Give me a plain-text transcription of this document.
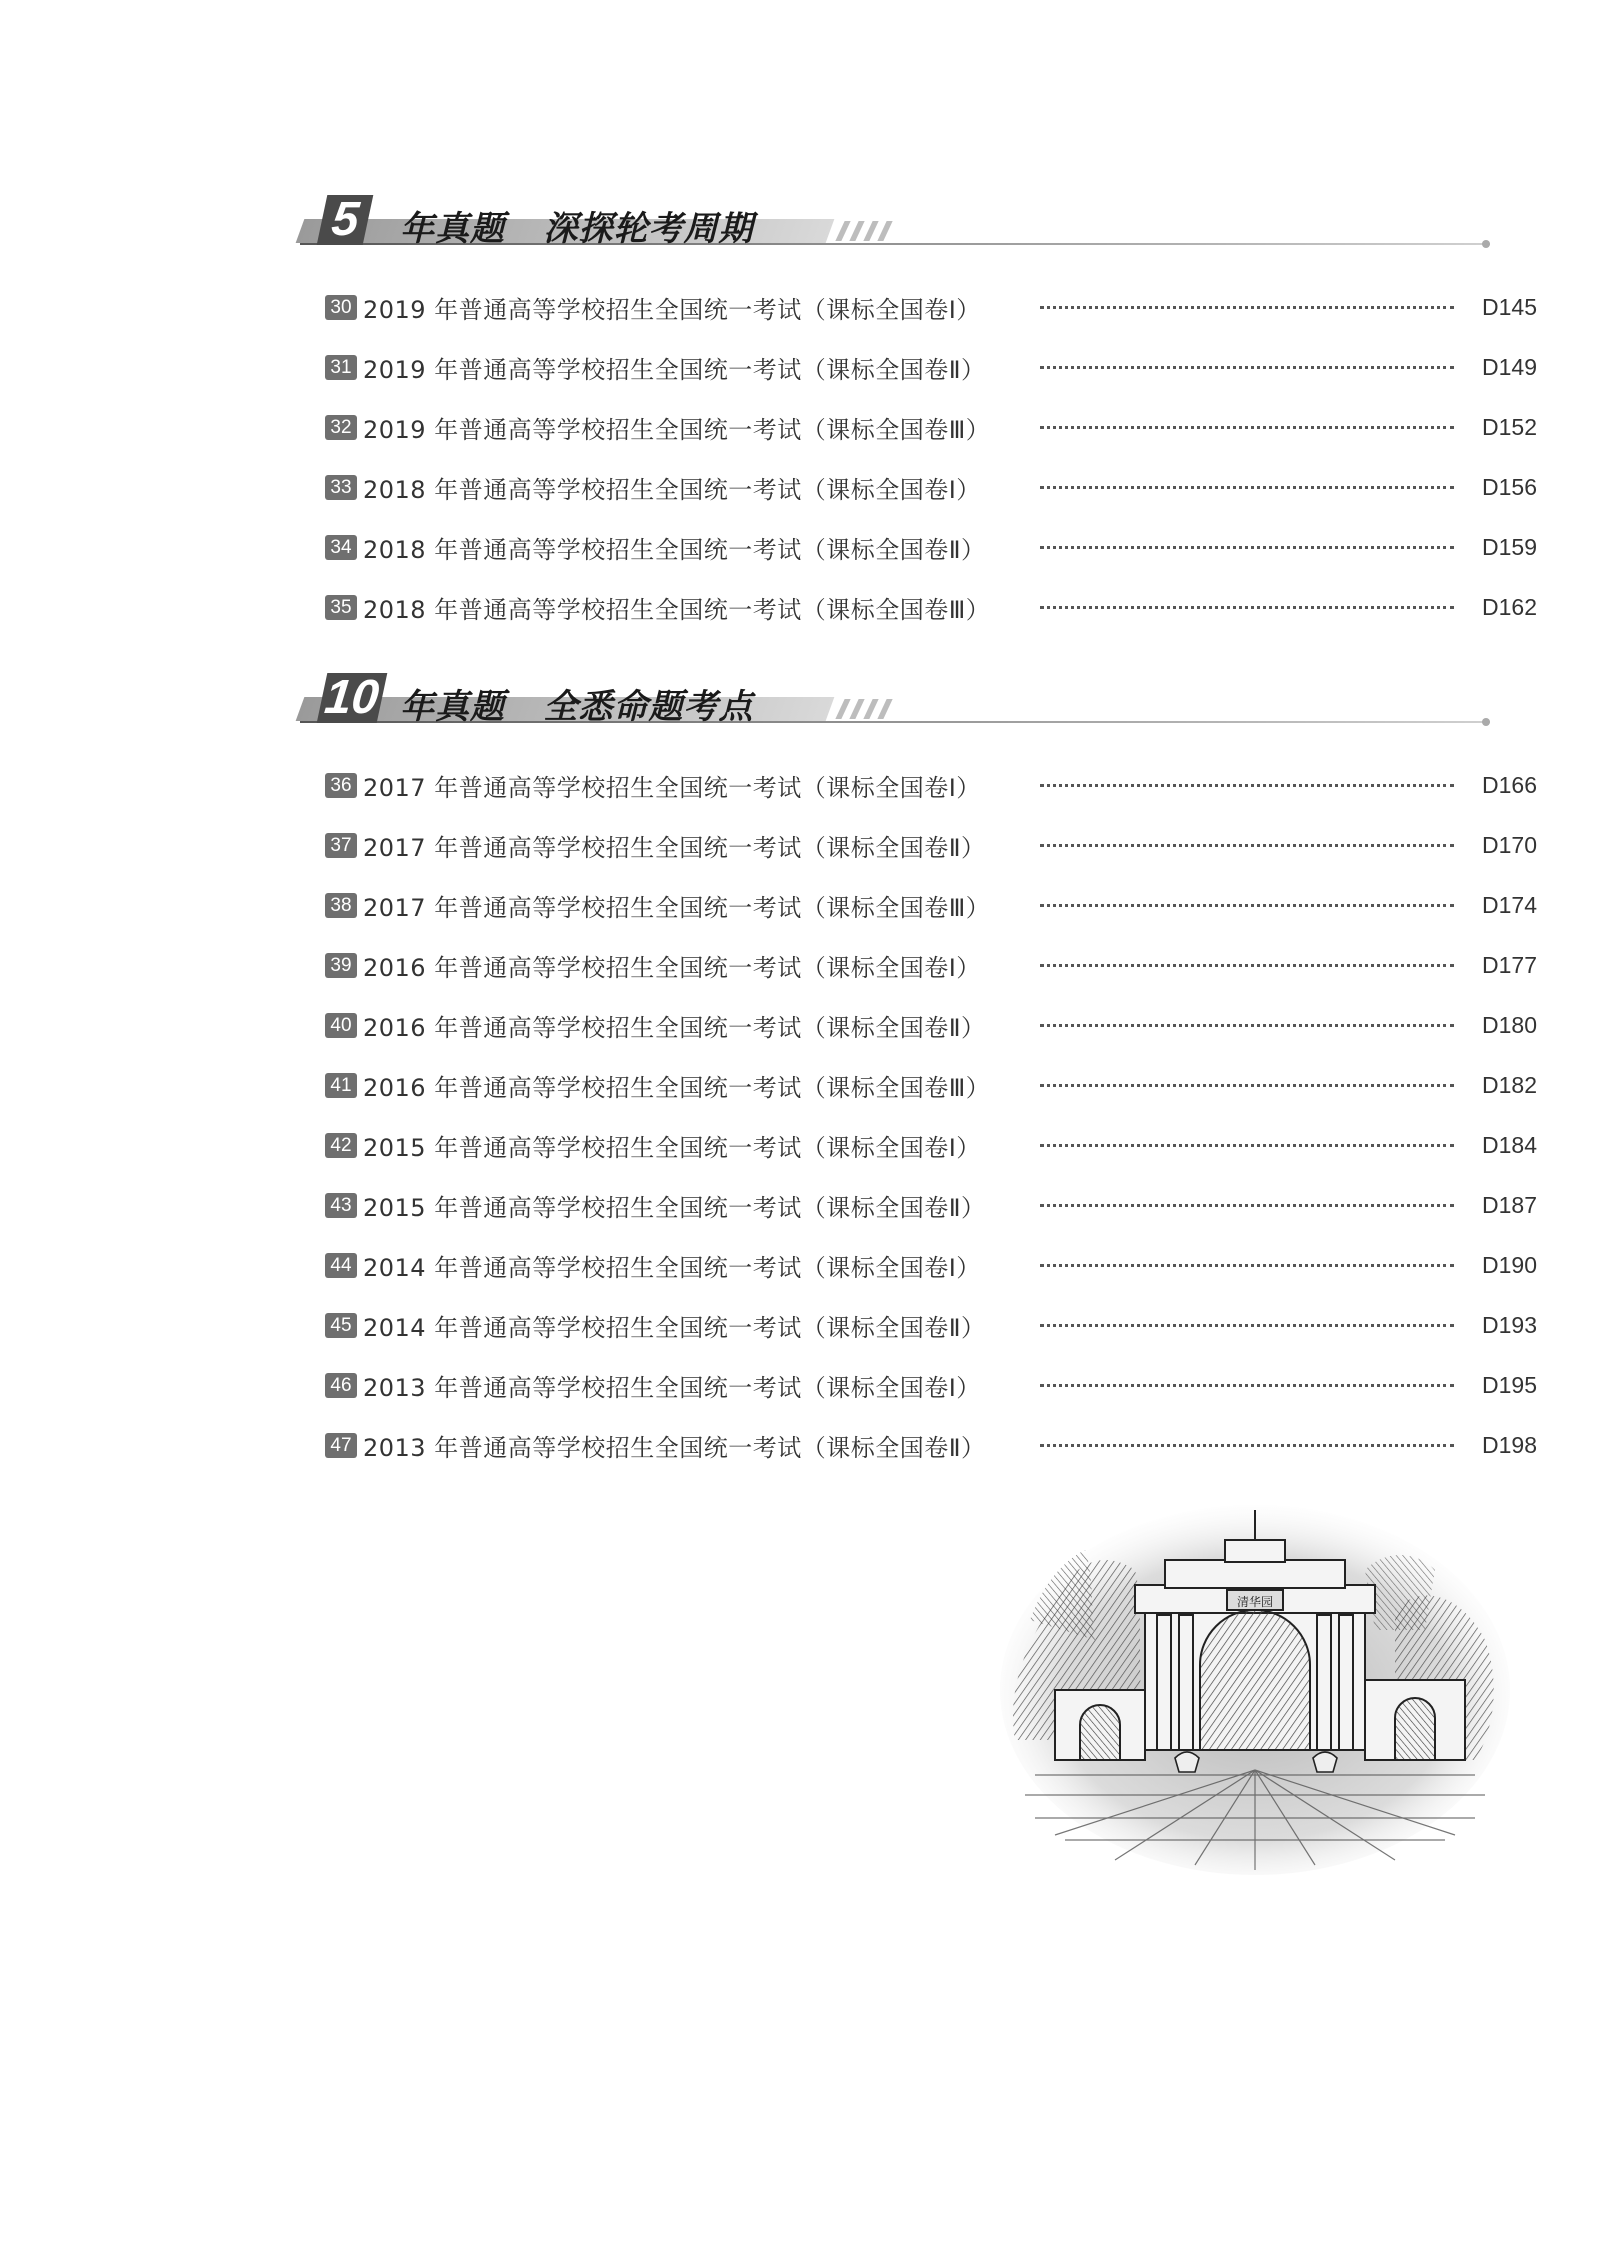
5 年真题   深探轮考周期
30 2019 年普通高等学校招生全国统一考试（课标全国卷Ⅰ）	D145
31 2019 年普通高等学校招生全国统一考试（课标全国卷Ⅱ）	D149
32 2019 年普通高等学校招生全国统一考试（课标全国卷Ⅲ）	D152
33 2018 年普通高等学校招生全国统一考试（课标全国卷Ⅰ）	D156
34 2018 年普通高等学校招生全国统一考试（课标全国卷Ⅱ）	D159
35 2018 年普通高等学校招生全国统一考试（课标全国卷Ⅲ）	D162
10 年真题   全悉命题考点
36 2017 年普通高等学校招生全国统一考试（课标全国卷Ⅰ）	D166
37 2017 年普通高等学校招生全国统一考试（课标全国卷Ⅱ）	D170
38 2017 年普通高等学校招生全国统一考试（课标全国卷Ⅲ）	D174
39 2016 年普通高等学校招生全国统一考试（课标全国卷Ⅰ）	D177
40 2016 年普通高等学校招生全国统一考试（课标全国卷Ⅱ）	D180
41 2016 年普通高等学校招生全国统一考试（课标全国卷Ⅲ）	D182
42 2015 年普通高等学校招生全国统一考试（课标全国卷Ⅰ）	D184
43 2015 年普通高等学校招生全国统一考试（课标全国卷Ⅱ）	D187
44 2014 年普通高等学校招生全国统一考试（课标全国卷Ⅰ）	D190
45 2014 年普通高等学校招生全国统一考试（课标全国卷Ⅱ）	D193
46 2013 年普通高等学校招生全国统一考试（课标全国卷Ⅰ）	D195
47 2013 年普通高等学校招生全国统一考试（课标全国卷Ⅱ）	D198
清华园
